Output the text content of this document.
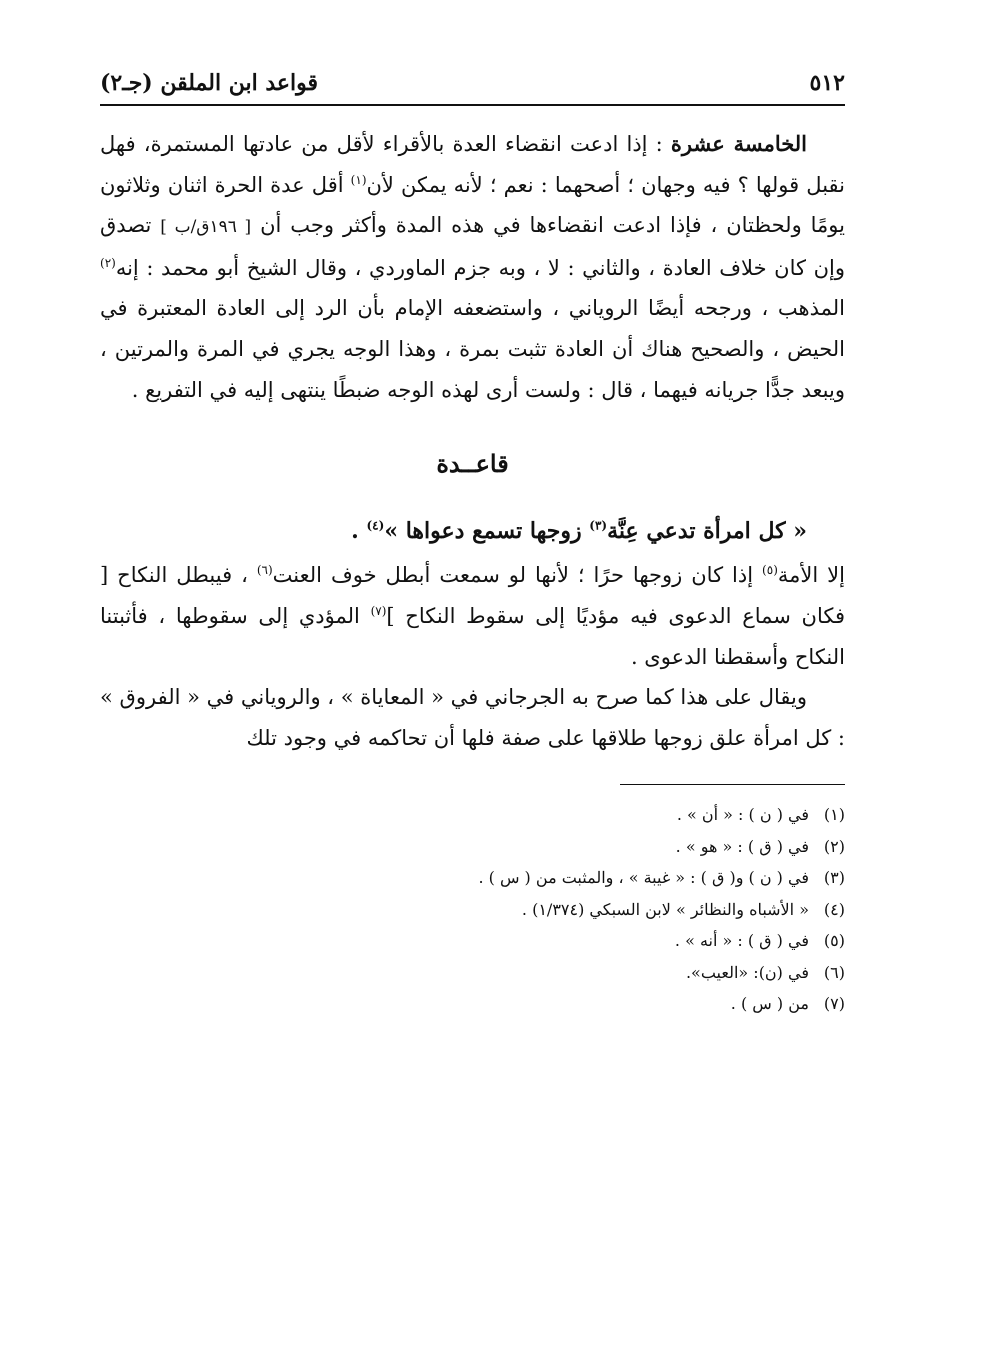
٥١٢
قواعد ابن الملقن (جـ٢)

الخامسة عشرة : إذا ادعت انقضاء العدة بالأقراء لأقل من عادتها المستمرة، فهل نقبل قولها ؟ فيه وجهان ؛ أصحهما : نعم ؛ لأنه يمكن لأن$^{(١)}$ أقل عدة الحرة اثنان وثلاثون يومًا ولحظتان ، فإذا ادعت انقضاءها في هذه المدة وأكثر وجب أن [ ١٩٦ق/ب ] تصدق وإن كان خلاف العادة ، والثاني : لا ، وبه جزم الماوردي ، وقال الشيخ أبو محمد : إنه$^{(٢)}$ المذهب ، ورجحه أيضًا الروياني ، واستضعفه الإمام بأن الرد إلى العادة المعتبرة في الحيض ، والصحيح هناك أن العادة تثبت بمرة ، وهذا الوجه يجري في المرة والمرتين ، ويبعد جدًّا جريانه فيهما ، قال : ولست أرى لهذه الوجه ضبطًا ينتهى إليه في التفريع .

قاعــدة

« كل امرأة تدعي عِنَّة$^{(٣)}$ زوجها تسمع دعواها »$^{(٤)}$ .

إلا الأمة$^{(٥)}$ إذا كان زوجها حرًا ؛ لأنها لو سمعت أبطل خوف العنت$^{(٦)}$ ، فيبطل النكاح [ فكان سماع الدعوى فيه مؤديًا إلى سقوط النكاح ]$^{(٧)}$ المؤدي إلى سقوطها ، فأثبتنا النكاح وأسقطنا الدعوى .

ويقال على هذا كما صرح به الجرجاني في « المعاياة » ، والروياني في « الفروق » : كل امرأة علق زوجها طلاقها على صفة فلها أن تحاكمه في وجود تلك

(١)في ( ن ) : « أن » .
(٢)في ( ق ) : « هو » .
(٣)في ( ن ) و( ق ) : « غيبة » ، والمثبت من ( س ) .
(٤)« الأشباه والنظائر » لابن السبكي (١/٣٧٤) .
(٥)في ( ق ) : « أنه » .
(٦)في (ن): «العيب».
(٧)من ( س ) .
